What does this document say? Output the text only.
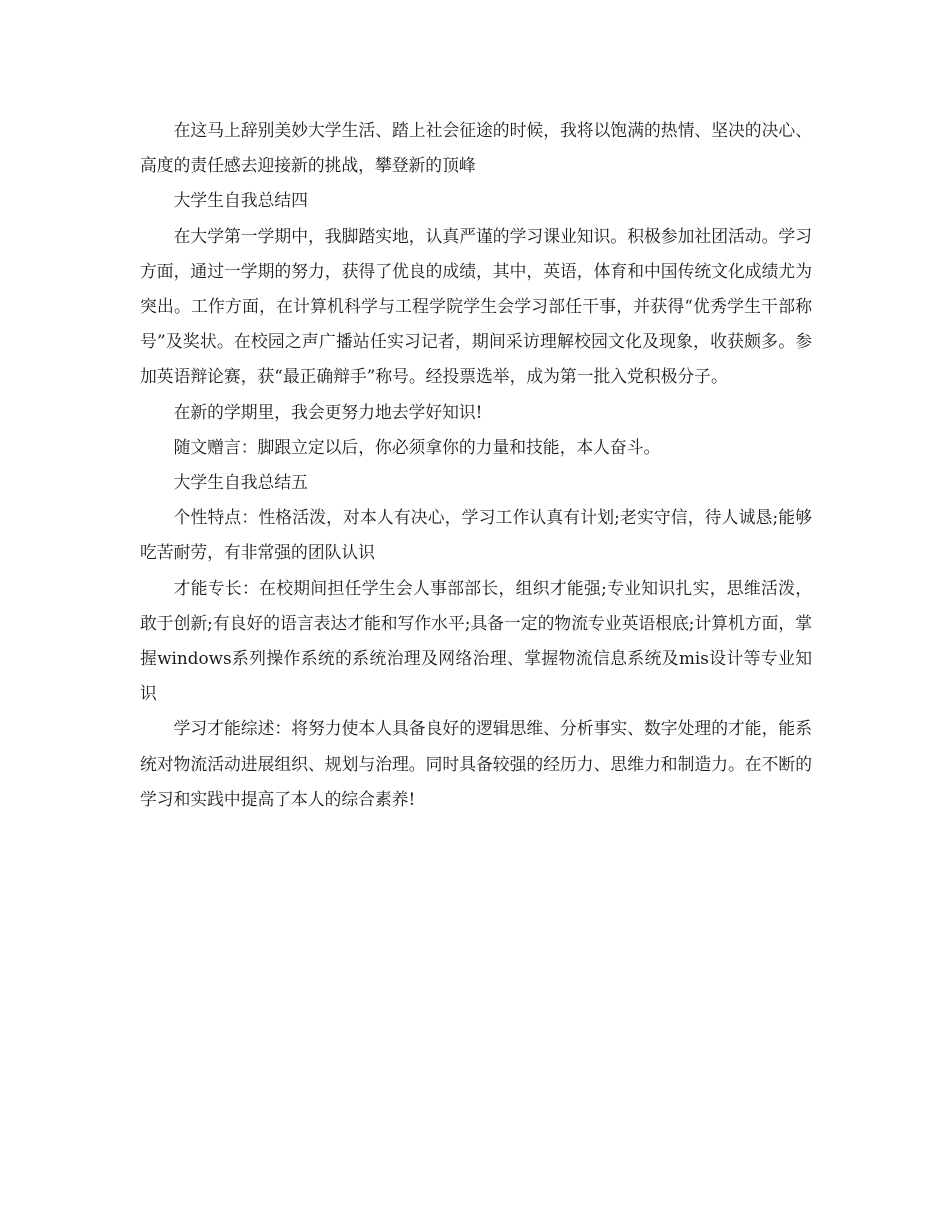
在这马上辞别美妙大学生活、踏上社会征途的时候，我将以饱满的热情、坚决的决心、高度的责任感去迎接新的挑战，攀登新的顶峰

大学生自我总结四

在大学第一学期中，我脚踏实地，认真严谨的学习课业知识。积极参加社团活动。学习方面，通过一学期的努力，获得了优良的成绩，其中，英语，体育和中国传统文化成绩尤为突出。工作方面，在计算机科学与工程学院学生会学习部任干事，并获得“优秀学生干部称号”及奖状。在校园之声广播站任实习记者，期间采访理解校园文化及现象，收获颇多。参加英语辩论赛，获“最正确辩手”称号。经投票选举，成为第一批入党积极分子。

在新的学期里，我会更努力地去学好知识!

随文赠言：脚跟立定以后，你必须拿你的力量和技能，本人奋斗。

大学生自我总结五

个性特点：性格活泼，对本人有决心，学习工作认真有计划;老实守信，待人诚恳;能够吃苦耐劳，有非常强的团队认识

才能专长：在校期间担任学生会人事部部长，组织才能强;专业知识扎实，思维活泼，敢于创新;有良好的语言表达才能和写作水平;具备一定的物流专业英语根底;计算机方面，掌握windows系列操作系统的系统治理及网络治理、掌握物流信息系统及mis设计等专业知识

学习才能综述：将努力使本人具备良好的逻辑思维、分析事实、数字处理的才能，能系统对物流活动进展组织、规划与治理。同时具备较强的经历力、思维力和制造力。在不断的学习和实践中提高了本人的综合素养!
